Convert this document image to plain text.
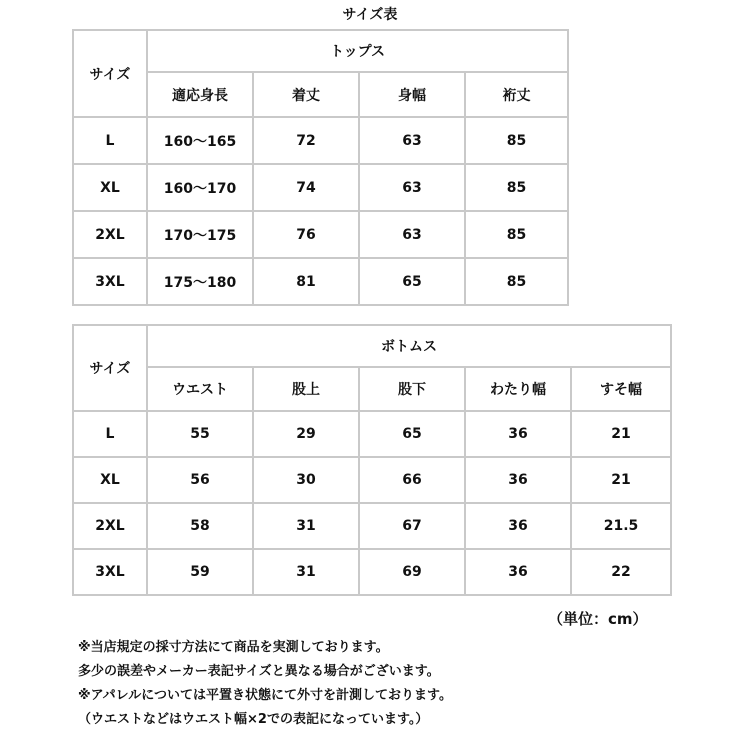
サイズ表
サイズ	トップス			
	適応身長	着丈	身幅	裄丈
L	160～165	72	63	85
XL	160～170	74	63	85
2XL	170～175	76	63	85
3XL	175～180	81	65	85
サイズ	ボトムス				
	ウエスト	股上	股下	わたり幅	すそ幅
L	55	29	65	36	21
XL	56	30	66	36	21
2XL	58	31	67	36	21.5
3XL	59	31	69	36	22
（単位：cm）
※当店規定の採寸方法にて商品を実測しております。
多少の誤差やメーカー表記サイズと異なる場合がございます。
※アパレルについては平置き状態にて外寸を計測しております。
（ウエストなどはウエスト幅×2での表記になっています。）
